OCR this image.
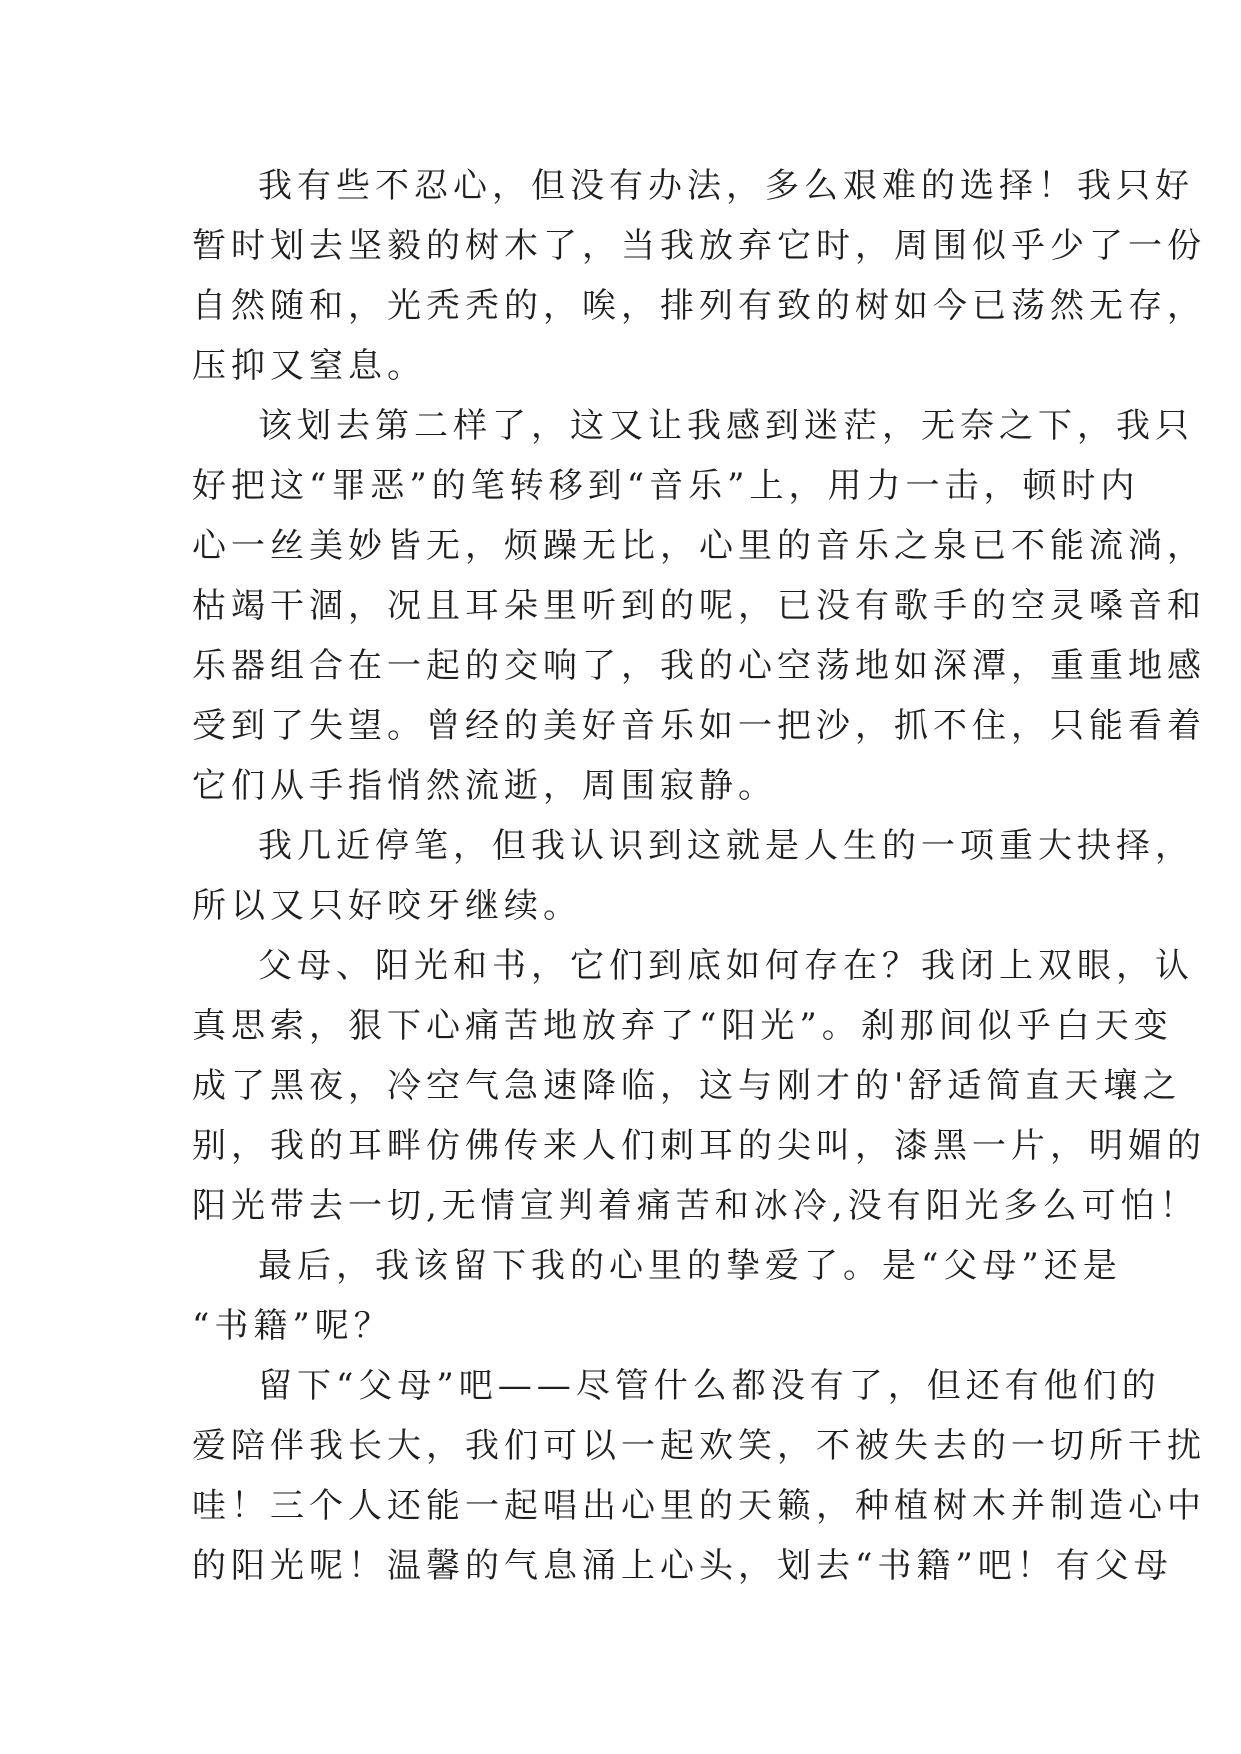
我有些不忍心，但没有办法，多么艰难的选择！我只好
暂时划去坚毅的树木了，当我放弃它时，周围似乎少了一份
自然随和，光秃秃的，唉，排列有致的树如今已荡然无存，
压抑又窒息。
该划去第二样了，这又让我感到迷茫，无奈之下，我只
好把这“罪恶”的笔转移到“音乐”上，用力一击，顿时内
心一丝美妙皆无，烦躁无比，心里的音乐之泉已不能流淌，
枯竭干涸，况且耳朵里听到的呢，已没有歌手的空灵嗓音和
乐器组合在一起的交响了，我的心空荡地如深潭，重重地感
受到了失望。曾经的美好音乐如一把沙，抓不住，只能看着
它们从手指悄然流逝，周围寂静。
我几近停笔，但我认识到这就是人生的一项重大抉择，
所以又只好咬牙继续。
父母、阳光和书，它们到底如何存在？我闭上双眼，认
真思索，狠下心痛苦地放弃了“阳光”。刹那间似乎白天变
成了黑夜，冷空气急速降临，这与刚才的'舒适简直天壤之
别，我的耳畔仿佛传来人们刺耳的尖叫，漆黑一片，明媚的
阳光带去一切,无情宣判着痛苦和冰冷,没有阳光多么可怕！
最后，我该留下我的心里的挚爱了。是“父母”还是
“书籍”呢？
留下“父母”吧——尽管什么都没有了，但还有他们的
爱陪伴我长大，我们可以一起欢笑，不被失去的一切所干扰
哇！三个人还能一起唱出心里的天籁，种植树木并制造心中
的阳光呢！温馨的气息涌上心头，划去“书籍”吧！有父母
